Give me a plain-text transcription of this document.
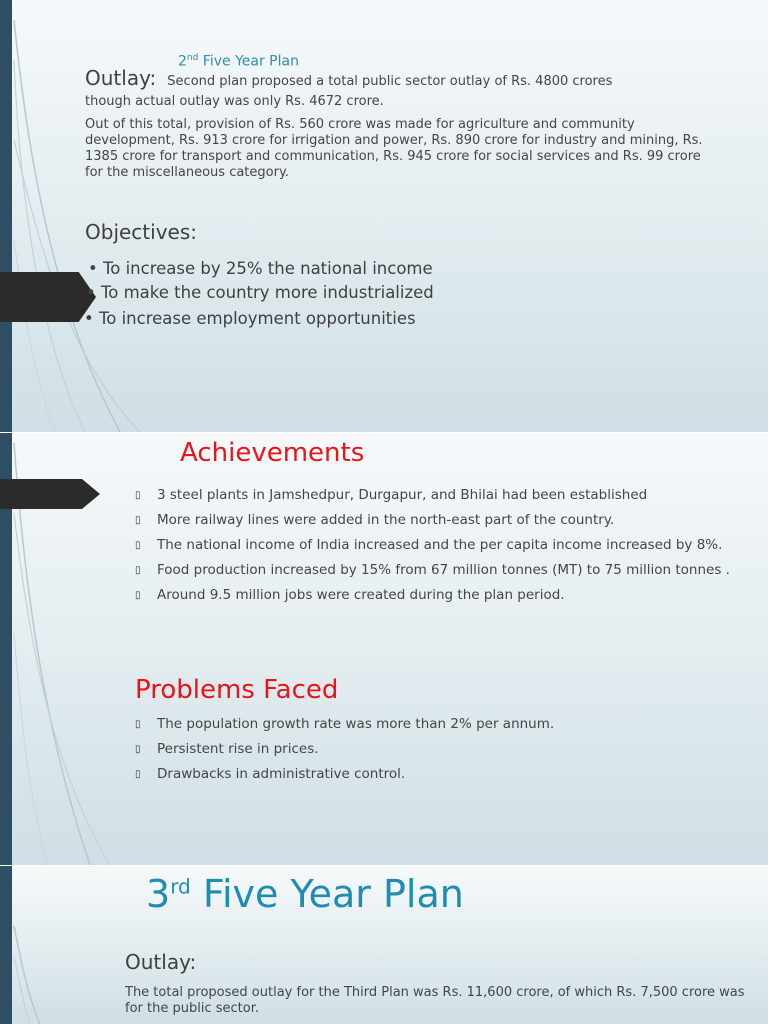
2nd Five Year Plan
Outlay: Second plan proposed a total public sector outlay of Rs. 4800 crores
though actual outlay was only Rs. 4672 crore.

Out of this total, provision of Rs. 560 crore was made for agriculture and community development, Rs. 913 crore for irrigation and power, Rs. 890 crore for industry and mining, Rs. 1385 crore for transport and communication, Rs. 945 crore for social services and Rs. 99 crore for the miscellaneous category.

Objectives:
• To increase by 25% the national income
• To make the country more industrialized
• To increase employment opportunities
Achievements
▯ 3 steel plants in Jamshedpur, Durgapur, and Bhilai had been established
▯ More railway lines were added in the north-east part of the country.
▯ The national income of India increased and the per capita income increased by 8%.
▯ Food production increased by 15% from 67 million tonnes (MT) to 75 million tonnes .
▯ Around 9.5 million jobs were created during the plan period.
Problems Faced
▯ The population growth rate was more than 2% per annum.
▯ Persistent rise in prices.
▯ Drawbacks in administrative control.
3rd Five Year Plan
Outlay:

The total proposed outlay for the Third Plan was Rs. 11,600 crore, of which Rs. 7,500 crore was for the public sector.
